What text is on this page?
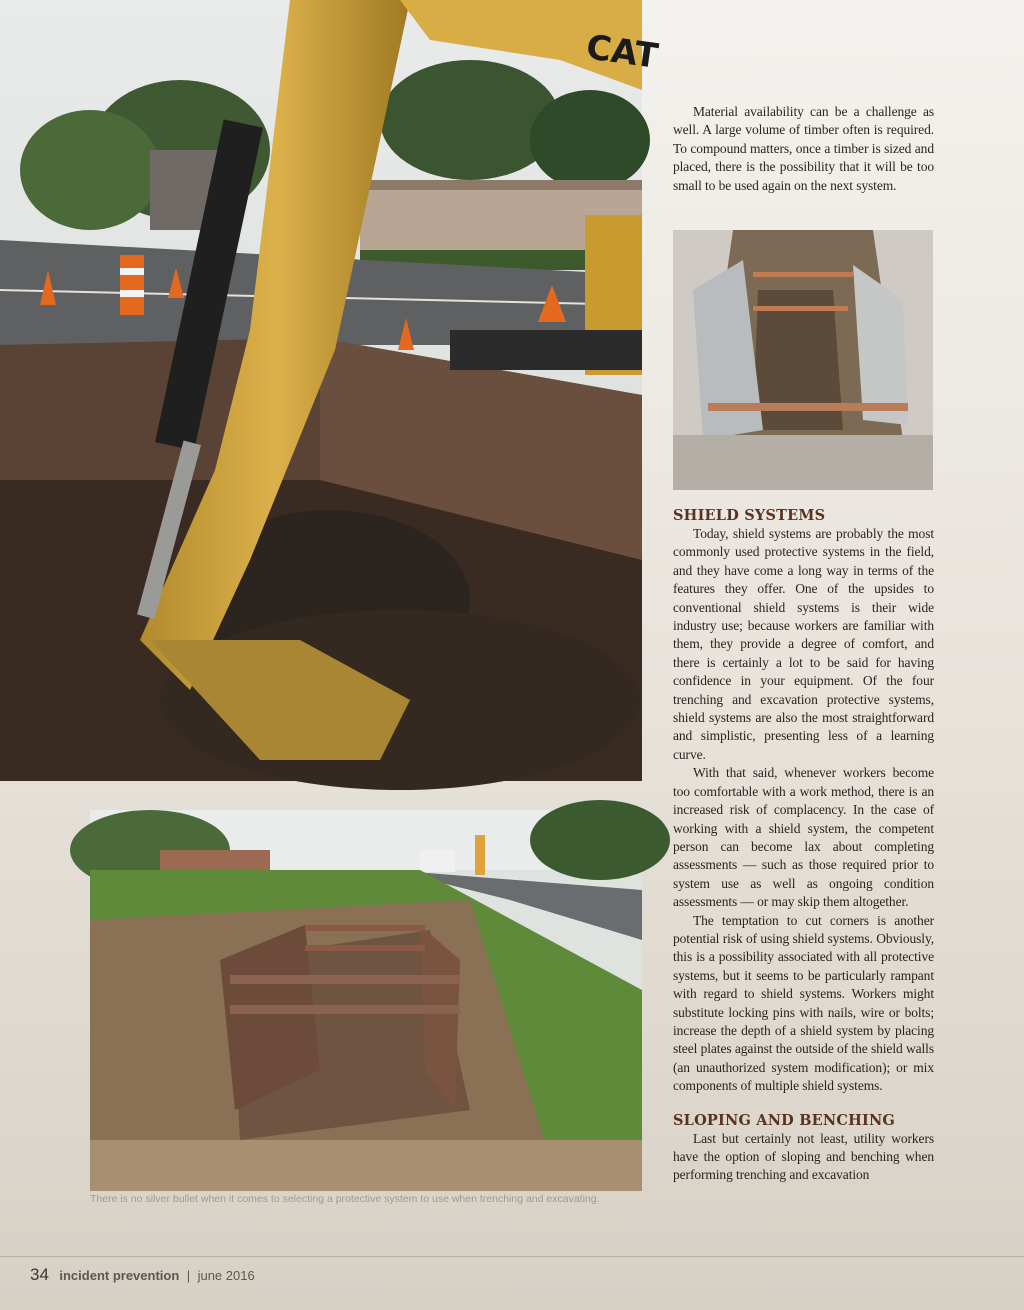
CAT

Material availability can be a challenge as well. A large volume of timber often is required. To compound matters, once a timber is sized and placed, there is the possibility that it will be too small to be used again on the next system.

SHIELD SYSTEMS

Today, shield systems are probably the most commonly used protective systems in the field, and they have come a long way in terms of the features they offer. One of the upsides to conventional shield systems is their wide industry use; because workers are familiar with them, they provide a degree of comfort, and there is certainly a lot to be said for having confidence in your equipment. Of the four trenching and excavation protective systems, shield systems are also the most straightforward and simplistic, presenting less of a learning curve.

With that said, whenever workers become too comfortable with a work method, there is an increased risk of complacency. In the case of working with a shield system, the competent person can become lax about completing assessments — such as those required prior to system use as well as ongoing condition assessments — or may skip them altogether.

The temptation to cut corners is another potential risk of using shield systems. Obviously, this is a possibility associated with all protective systems, but it seems to be particularly rampant with regard to shield systems. Workers might substitute locking pins with nails, wire or bolts; increase the depth of a shield system by placing steel plates against the outside of the shield walls (an unauthorized system modification); or mix components of multiple shield systems.

SLOPING AND BENCHING

Last but certainly not least, utility workers have the option of sloping and benching when performing trenching and excavation

There is no silver bullet when it comes to selecting a protective system to use when trenching and excavating.
34 incident prevention | june 2016
